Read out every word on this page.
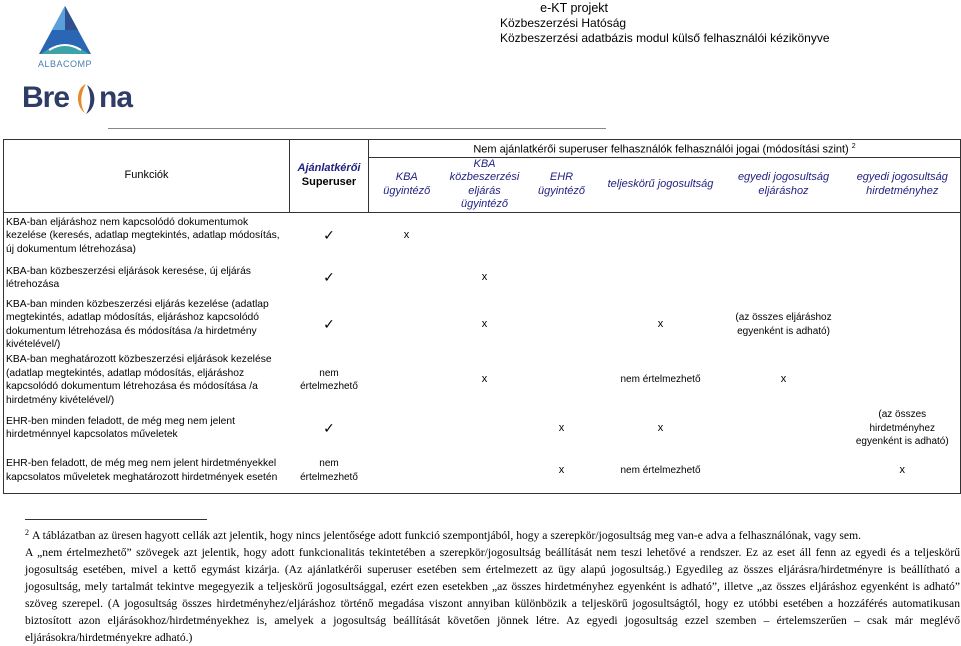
e-KT projekt
Közbeszerzési Hatóság
Közbeszerzési adatbázis modul külső felhasználói kézikönyve
ALBACOMP
Bre na
Funkciók	Ajánlatkérői
Superuser	Nem ajánlatkérői superuser felhasználók felhasználói jogai (módosítási szint) $^2$
		KBA ügyintéző	KBA közbeszerzési eljárás ügyintéző	EHR ügyintéző	teljeskörű jogosultság	egyedi jogosultság eljáráshoz	egyedi jogosultság hirdetményhez
KBA-ban eljáráshoz nem kapcsolódó dokumentumok kezelése (keresés, adatlap megtekintés, adatlap módosítás, új dokumentum létrehozása)	✓	x					
KBA-ban közbeszerzési eljárások keresése, új eljárás létrehozása	✓		x				
KBA-ban minden közbeszerzési eljárás kezelése (adatlap megtekintés, adatlap módosítás, eljáráshoz kapcsolódó dokumentum létrehozása és módosítása /a hirdetmény kivételével/)	✓		x		x	(az összes eljáráshoz egyenként is adható)	
KBA-ban meghatározott közbeszerzési eljárások kezelése (adatlap megtekintés, adatlap módosítás, eljáráshoz kapcsolódó dokumentum létrehozása és módosítása /a hirdetmény kivételével/)	nem értelmezhető		x		nem értelmezhető	x	
EHR-ben minden feladott, de még meg nem jelent hirdetménnyel kapcsolatos műveletek	✓			x	x		(az összes hirdetményhez egyenként is adható)
EHR-ben feladott, de még meg nem jelent hirdetményekkel kapcsolatos műveletek meghatározott hirdetmények esetén	nem értelmezhető			x	nem értelmezhető		x

$^2$ A táblázatban az üresen hagyott cellák azt jelentik, hogy nincs jelentősége adott funkció szempontjából, hogy a szerepkör/jogosultság meg van-e adva a felhasználónak, vagy sem.

A „nem értelmezhető” szövegek azt jelentik, hogy adott funkcionalitás tekintetében a szerepkör/jogosultság beállítását nem teszi lehetővé a rendszer. Ez az eset áll fenn az egyedi és a teljeskörű jogosultság esetében, mivel a kettő egymást kizárja. (Az ajánlatkérői superuser esetében sem értelmezett az ügy alapú jogosultság.) Egyedileg az összes eljárásra/hirdetményre is beállítható a jogosultság, mely tartalmát tekintve megegyezik a teljeskörű jogosultsággal, ezért ezen esetekben „az összes hirdetményhez egyenként is adható”, illetve „az összes eljáráshoz egyenként is adható” szöveg szerepel. (A jogosultság összes hirdetményhez/eljáráshoz történő megadása viszont annyiban különbözik a teljeskörű jogosultságtól, hogy ez utóbbi esetében a hozzáférés automatikusan biztosított azon eljárásokhoz/hirdetményekhez is, amelyek a jogosultság beállítását követően jönnek létre. Az egyedi jogosultság ezzel szemben – értelemszerűen – csak már meglévő eljárásokra/hirdetményekre adható.)
